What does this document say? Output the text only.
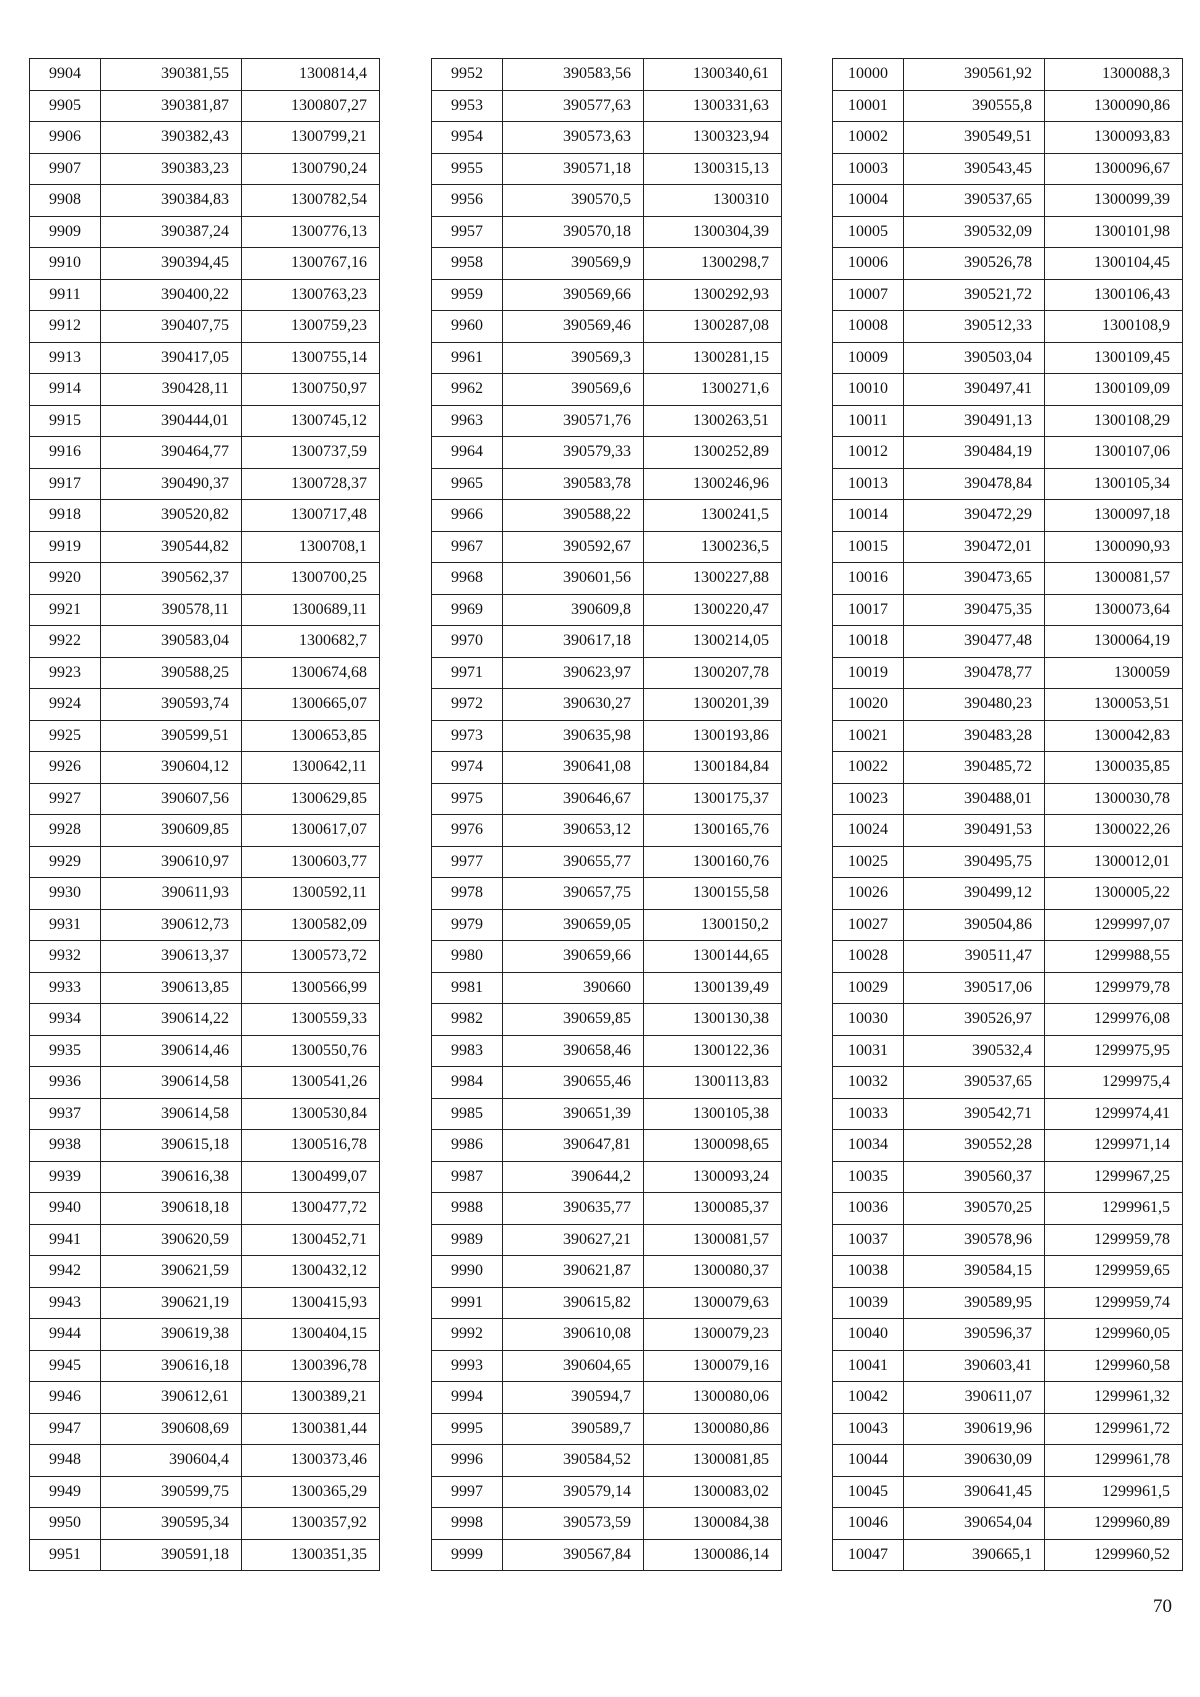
9904	390381,55	1300814,4
9905	390381,87	1300807,27
9906	390382,43	1300799,21
9907	390383,23	1300790,24
9908	390384,83	1300782,54
9909	390387,24	1300776,13
9910	390394,45	1300767,16
9911	390400,22	1300763,23
9912	390407,75	1300759,23
9913	390417,05	1300755,14
9914	390428,11	1300750,97
9915	390444,01	1300745,12
9916	390464,77	1300737,59
9917	390490,37	1300728,37
9918	390520,82	1300717,48
9919	390544,82	1300708,1
9920	390562,37	1300700,25
9921	390578,11	1300689,11
9922	390583,04	1300682,7
9923	390588,25	1300674,68
9924	390593,74	1300665,07
9925	390599,51	1300653,85
9926	390604,12	1300642,11
9927	390607,56	1300629,85
9928	390609,85	1300617,07
9929	390610,97	1300603,77
9930	390611,93	1300592,11
9931	390612,73	1300582,09
9932	390613,37	1300573,72
9933	390613,85	1300566,99
9934	390614,22	1300559,33
9935	390614,46	1300550,76
9936	390614,58	1300541,26
9937	390614,58	1300530,84
9938	390615,18	1300516,78
9939	390616,38	1300499,07
9940	390618,18	1300477,72
9941	390620,59	1300452,71
9942	390621,59	1300432,12
9943	390621,19	1300415,93
9944	390619,38	1300404,15
9945	390616,18	1300396,78
9946	390612,61	1300389,21
9947	390608,69	1300381,44
9948	390604,4	1300373,46
9949	390599,75	1300365,29
9950	390595,34	1300357,92
9951	390591,18	1300351,35
9952	390583,56	1300340,61
9953	390577,63	1300331,63
9954	390573,63	1300323,94
9955	390571,18	1300315,13
9956	390570,5	1300310
9957	390570,18	1300304,39
9958	390569,9	1300298,7
9959	390569,66	1300292,93
9960	390569,46	1300287,08
9961	390569,3	1300281,15
9962	390569,6	1300271,6
9963	390571,76	1300263,51
9964	390579,33	1300252,89
9965	390583,78	1300246,96
9966	390588,22	1300241,5
9967	390592,67	1300236,5
9968	390601,56	1300227,88
9969	390609,8	1300220,47
9970	390617,18	1300214,05
9971	390623,97	1300207,78
9972	390630,27	1300201,39
9973	390635,98	1300193,86
9974	390641,08	1300184,84
9975	390646,67	1300175,37
9976	390653,12	1300165,76
9977	390655,77	1300160,76
9978	390657,75	1300155,58
9979	390659,05	1300150,2
9980	390659,66	1300144,65
9981	390660	1300139,49
9982	390659,85	1300130,38
9983	390658,46	1300122,36
9984	390655,46	1300113,83
9985	390651,39	1300105,38
9986	390647,81	1300098,65
9987	390644,2	1300093,24
9988	390635,77	1300085,37
9989	390627,21	1300081,57
9990	390621,87	1300080,37
9991	390615,82	1300079,63
9992	390610,08	1300079,23
9993	390604,65	1300079,16
9994	390594,7	1300080,06
9995	390589,7	1300080,86
9996	390584,52	1300081,85
9997	390579,14	1300083,02
9998	390573,59	1300084,38
9999	390567,84	1300086,14
10000	390561,92	1300088,3
10001	390555,8	1300090,86
10002	390549,51	1300093,83
10003	390543,45	1300096,67
10004	390537,65	1300099,39
10005	390532,09	1300101,98
10006	390526,78	1300104,45
10007	390521,72	1300106,43
10008	390512,33	1300108,9
10009	390503,04	1300109,45
10010	390497,41	1300109,09
10011	390491,13	1300108,29
10012	390484,19	1300107,06
10013	390478,84	1300105,34
10014	390472,29	1300097,18
10015	390472,01	1300090,93
10016	390473,65	1300081,57
10017	390475,35	1300073,64
10018	390477,48	1300064,19
10019	390478,77	1300059
10020	390480,23	1300053,51
10021	390483,28	1300042,83
10022	390485,72	1300035,85
10023	390488,01	1300030,78
10024	390491,53	1300022,26
10025	390495,75	1300012,01
10026	390499,12	1300005,22
10027	390504,86	1299997,07
10028	390511,47	1299988,55
10029	390517,06	1299979,78
10030	390526,97	1299976,08
10031	390532,4	1299975,95
10032	390537,65	1299975,4
10033	390542,71	1299974,41
10034	390552,28	1299971,14
10035	390560,37	1299967,25
10036	390570,25	1299961,5
10037	390578,96	1299959,78
10038	390584,15	1299959,65
10039	390589,95	1299959,74
10040	390596,37	1299960,05
10041	390603,41	1299960,58
10042	390611,07	1299961,32
10043	390619,96	1299961,72
10044	390630,09	1299961,78
10045	390641,45	1299961,5
10046	390654,04	1299960,89
10047	390665,1	1299960,52
70
